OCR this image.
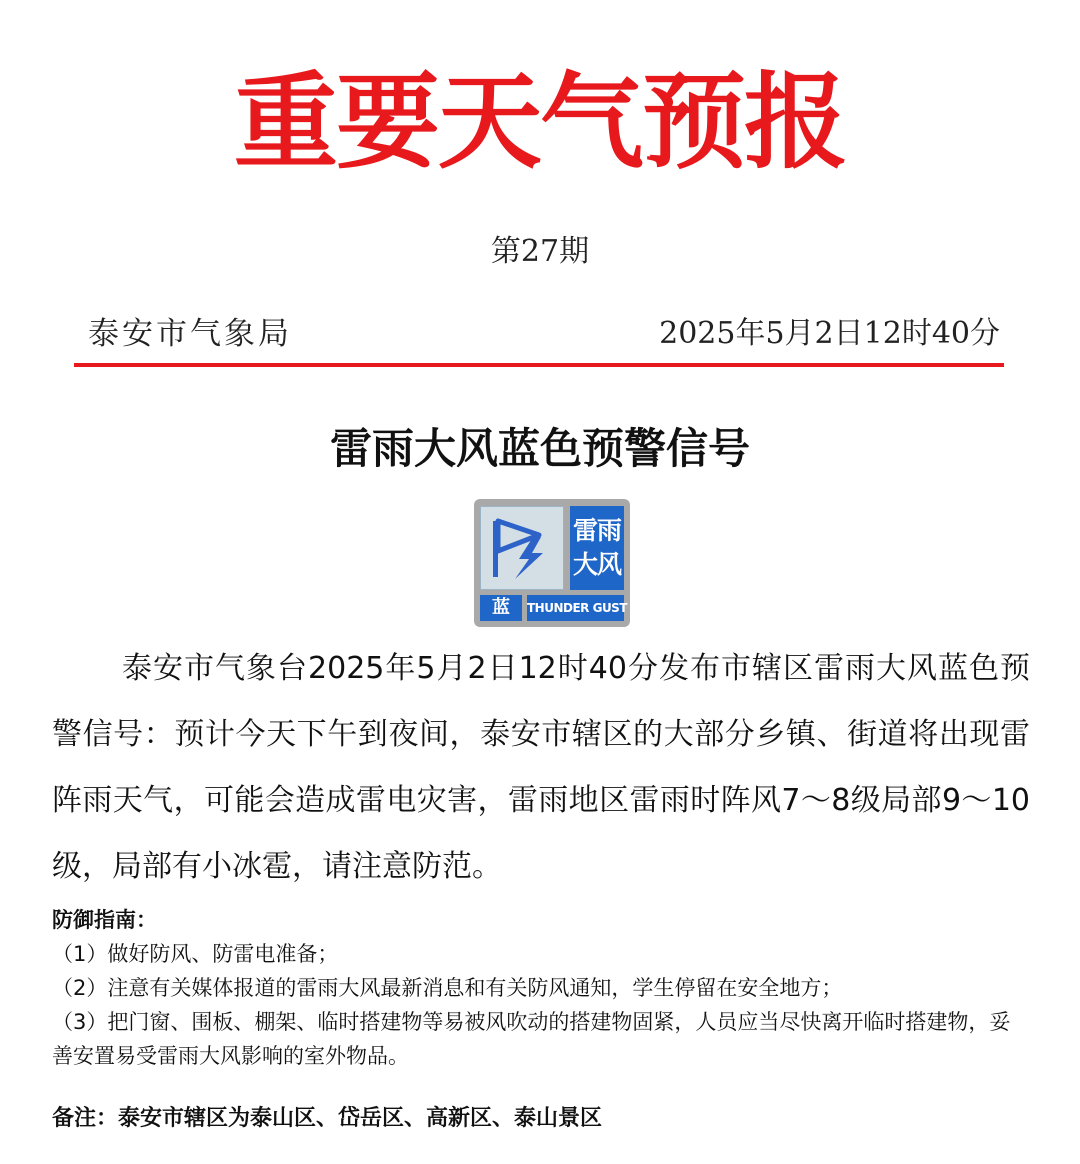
重要天气预报
第27期
泰安市气象局	2025年5月2日12时40分
雷雨大风蓝色预警信号
雷雨
大风
蓝	THUNDER GUST

泰安市气象台2025年5月2日12时40分发布市辖区雷雨大风蓝色预警信号：预计今天下午到夜间，泰安市辖区的大部分乡镇、街道将出现雷阵雨天气，可能会造成雷电灾害，雷雨地区雷雨时阵风7～8级局部9～10级，局部有小冰雹，请注意防范。

防御指南：
（1）做好防风、防雷电准备；
（2）注意有关媒体报道的雷雨大风最新消息和有关防风通知，学生停留在安全地方；
（3）把门窗、围板、棚架、临时搭建物等易被风吹动的搭建物固紧，人员应当尽快离开临时搭建物，妥善安置易受雷雨大风影响的室外物品。
备注：泰安市辖区为泰山区、岱岳区、高新区、泰山景区
